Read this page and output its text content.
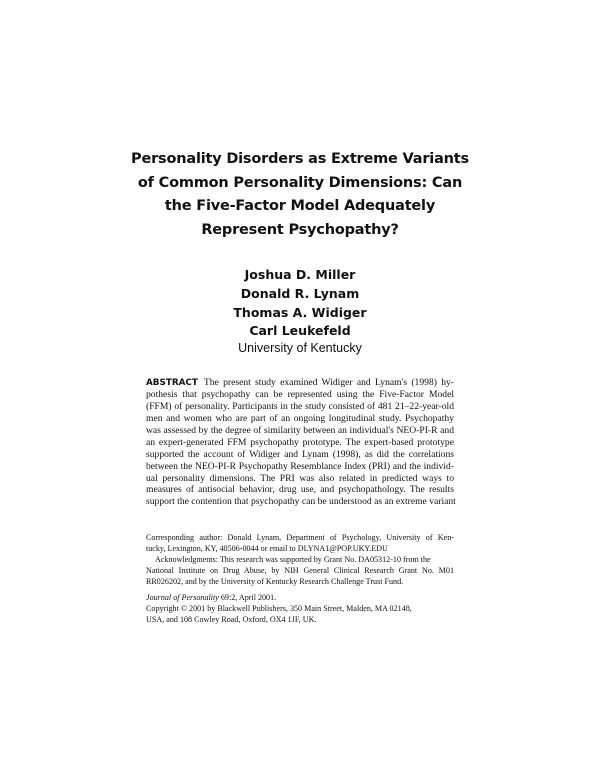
Personality Disorders as Extreme Variants
of Common Personality Dimensions: Can
the Five-Factor Model Adequately
Represent Psychopathy?
Joshua D. Miller
Donald R. Lynam
Thomas A. Widiger
Carl Leukefeld
University of Kentucky
ABSTRACT The present study examined Widiger and Lynam's (1998) hy-
pothesis that psychopathy can be represented using the Five-Factor Model
(FFM) of personality. Participants in the study consisted of 481 21–22-year-old
men and women who are part of an ongoing longitudinal study. Psychopathy
was assessed by the degree of similarity between an individual's NEO-PI-R and
an expert-generated FFM psychopathy prototype. The expert-based prototype
supported the account of Widiger and Lynam (1998), as did the correlations
between the NEO-PI-R Psychopathy Resemblance Index (PRI) and the individ-
ual personality dimensions. The PRI was also related in predicted ways to
measures of antisocial behavior, drug use, and psychopathology. The results
support the contention that psychopathy can be understood as an extreme variant
Corresponding author: Donald Lynam, Department of Psychology, University of Ken-
tucky, Lexington, KY, 40506-0044 or email to DLYNA1@POP.UKY.EDU
Acknowledgments: This research was supported by Grant No. DA05312-10 from the
National Institute on Drug Abuse, by NIH General Clinical Research Grant No. M01
RR026202, and by the University of Kentucky Research Challenge Trust Fund.
Journal of Personality 69:2, April 2001.
Copyright © 2001 by Blackwell Publishers, 350 Main Street, Malden, MA 02148,
USA, and 108 Cowley Road, Oxford, OX4 1JF, UK.
